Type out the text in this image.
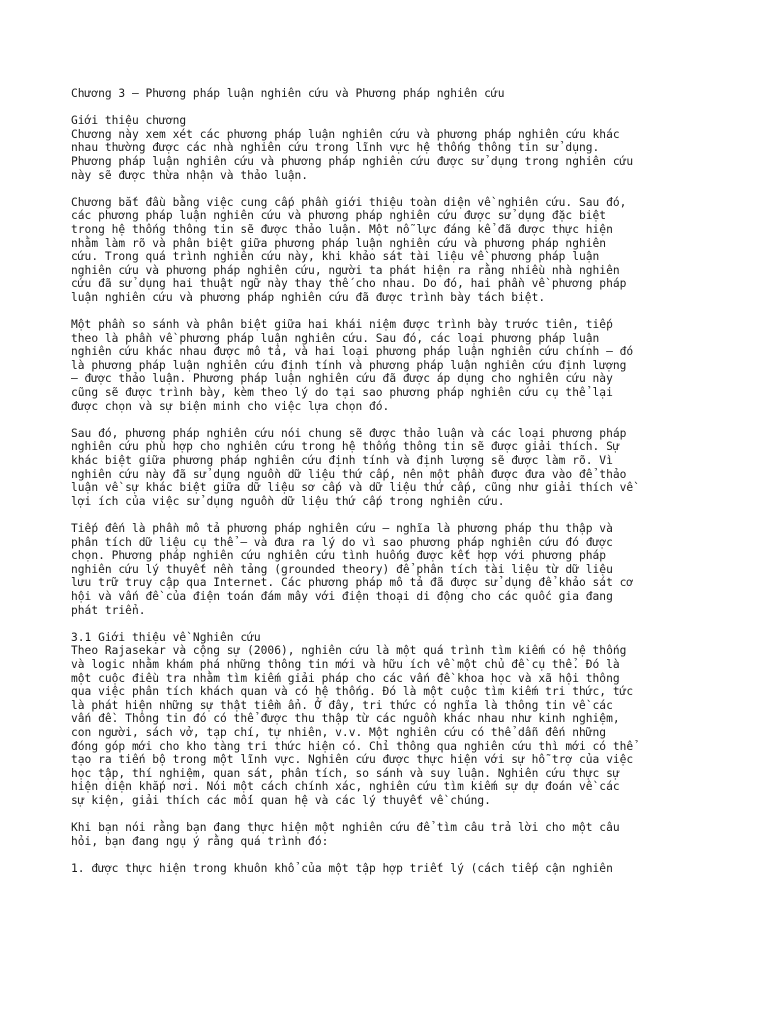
Chương 3 – Phương pháp luận nghiên cứu và Phương pháp nghiên cứu
Giới thiệu chương
Chương này xem xét các phương pháp luận nghiên cứu và phương pháp nghiên cứu khác
nhau thường được các nhà nghiên cứu trong lĩnh vực hệ thống thông tin sử dụng.
Phương pháp luận nghiên cứu và phương pháp nghiên cứu được sử dụng trong nghiên cứu
này sẽ được thừa nhận và thảo luận.
Chương bắt đầu bằng việc cung cấp phần giới thiệu toàn diện về nghiên cứu. Sau đó,
các phương pháp luận nghiên cứu và phương pháp nghiên cứu được sử dụng đặc biệt
trong hệ thống thông tin sẽ được thảo luận. Một nỗ lực đáng kể đã được thực hiện
nhằm làm rõ và phân biệt giữa phương pháp luận nghiên cứu và phương pháp nghiên
cứu. Trong quá trình nghiên cứu này, khi khảo sát tài liệu về phương pháp luận
nghiên cứu và phương pháp nghiên cứu, người ta phát hiện ra rằng nhiều nhà nghiên
cứu đã sử dụng hai thuật ngữ này thay thế cho nhau. Do đó, hai phần về phương pháp
luận nghiên cứu và phương pháp nghiên cứu đã được trình bày tách biệt.
Một phần so sánh và phân biệt giữa hai khái niệm được trình bày trước tiên, tiếp
theo là phần về phương pháp luận nghiên cứu. Sau đó, các loại phương pháp luận
nghiên cứu khác nhau được mô tả, và hai loại phương pháp luận nghiên cứu chính – đó
là phương pháp luận nghiên cứu định tính và phương pháp luận nghiên cứu định lượng
– được thảo luận. Phương pháp luận nghiên cứu đã được áp dụng cho nghiên cứu này
cũng sẽ được trình bày, kèm theo lý do tại sao phương pháp nghiên cứu cụ thể lại
được chọn và sự biện minh cho việc lựa chọn đó.
Sau đó, phương pháp nghiên cứu nói chung sẽ được thảo luận và các loại phương pháp
nghiên cứu phù hợp cho nghiên cứu trong hệ thống thông tin sẽ được giải thích. Sự
khác biệt giữa phương pháp nghiên cứu định tính và định lượng sẽ được làm rõ. Vì
nghiên cứu này đã sử dụng nguồn dữ liệu thứ cấp, nên một phần được đưa vào để thảo
luận về sự khác biệt giữa dữ liệu sơ cấp và dữ liệu thứ cấp, cũng như giải thích về
lợi ích của việc sử dụng nguồn dữ liệu thứ cấp trong nghiên cứu.
Tiếp đến là phần mô tả phương pháp nghiên cứu – nghĩa là phương pháp thu thập và
phân tích dữ liệu cụ thể – và đưa ra lý do vì sao phương pháp nghiên cứu đó được
chọn. Phương pháp nghiên cứu nghiên cứu tình huống được kết hợp với phương pháp
nghiên cứu lý thuyết nền tảng (grounded theory) để phân tích tài liệu từ dữ liệu
lưu trữ truy cập qua Internet. Các phương pháp mô tả đã được sử dụng để khảo sát cơ
hội và vấn đề của điện toán đám mây với điện thoại di động cho các quốc gia đang
phát triển.
3.1 Giới thiệu về Nghiên cứu
Theo Rajasekar và cộng sự (2006), nghiên cứu là một quá trình tìm kiếm có hệ thống
và logic nhằm khám phá những thông tin mới và hữu ích về một chủ đề cụ thể. Đó là
một cuộc điều tra nhằm tìm kiếm giải pháp cho các vấn đề khoa học và xã hội thông
qua việc phân tích khách quan và có hệ thống. Đó là một cuộc tìm kiếm tri thức, tức
là phát hiện những sự thật tiềm ẩn. Ở đây, tri thức có nghĩa là thông tin về các
vấn đề. Thông tin đó có thể được thu thập từ các nguồn khác nhau như kinh nghiệm,
con người, sách vở, tạp chí, tự nhiên, v.v. Một nghiên cứu có thể dẫn đến những
đóng góp mới cho kho tàng tri thức hiện có. Chỉ thông qua nghiên cứu thì mới có thể
tạo ra tiến bộ trong một lĩnh vực. Nghiên cứu được thực hiện với sự hỗ trợ của việc
học tập, thí nghiệm, quan sát, phân tích, so sánh và suy luận. Nghiên cứu thực sự
hiện diện khắp nơi. Nói một cách chính xác, nghiên cứu tìm kiếm sự dự đoán về các
sự kiện, giải thích các mối quan hệ và các lý thuyết về chúng.
Khi bạn nói rằng bạn đang thực hiện một nghiên cứu để tìm câu trả lời cho một câu
hỏi, bạn đang ngụ ý rằng quá trình đó:
1. được thực hiện trong khuôn khổ của một tập hợp triết lý (cách tiếp cận nghiên
